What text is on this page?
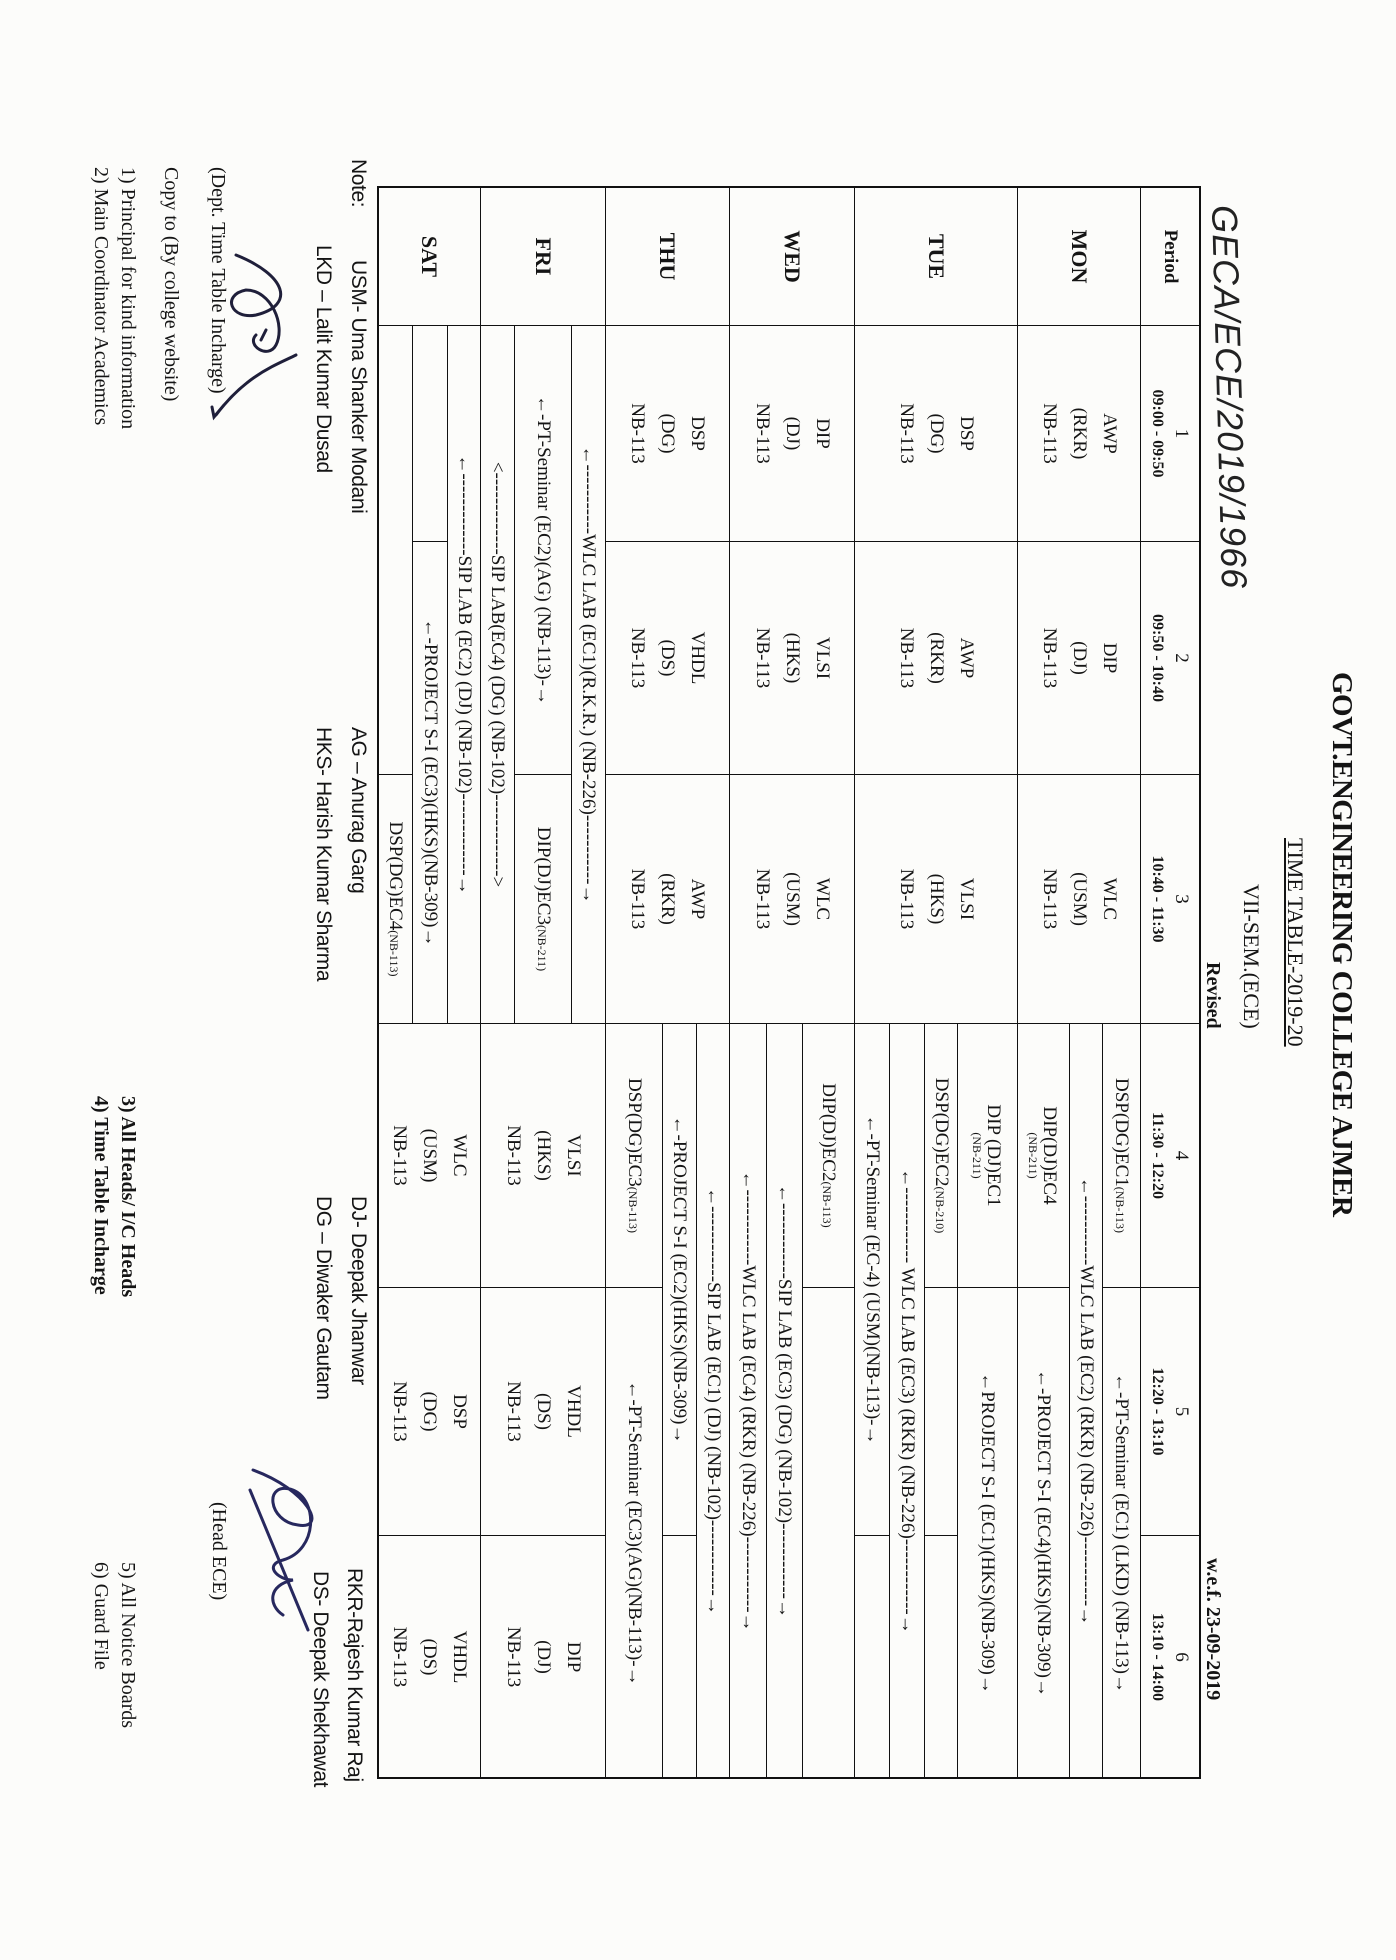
GOVT.ENGINEERING COLLEGE AJMER
TIME TABLE-2019-20
VII-SEM.(ECE)
Revised
w.e.f. 23-09-2019
GECA/ECE/2019/1966
Period
1
09:00 - 09:50
2
09:50 - 10:40
3
10:40 - 11:30
4
11:30 - 12:20
5
12:20 - 13:10
6
13:10 - 14:00
MON
AWP
(RKR)
NB-113
DIP
(DJ)
NB-113
WLC
(USM)
NB-113
DSP(DG)EC1(NB-113)
←-PT-Seminar (EC1) (LKD) (NB-113)→
←-----------WLC LAB (EC2) (RKR) (NB-226)-----------→
DIP(DJ)EC4
(NB-211)
←-PROJECT S-I (EC4)(HKS)(NB-309)→
TUE
DSP
(DG)
NB-113
AWP
(RKR)
NB-113
VLSI
(HKS)
NB-113
DIP (DJ)EC1
(NB-211)
←PROJECT S-I (EC1)(HKS)(NB-309)→
DSP(DG)EC2(NB-210)
←------------ WLC LAB (EC3) (RKR) (NB-226)------------→
←-PT-Seminar (EC-4) (USM)(NB-113)-→
WED
DIP
(DJ)
NB-113
VLSI
(HKS)
NB-113
WLC
(USM)
NB-113
DIP(DJ)EC2(NB-113)
←------------SIP LAB (EC3) (DG) (NB-102)------------→
←------------WLC LAB (EC4) (RKR) (NB-226)------------→
THU
DSP
(DG)
NB-113
VHDL
(DS)
NB-113
AWP
(RKR)
NB-113
←------------SIP LAB (EC1) (DJ) (NB-102)------------→
←-PROJECT S-I (EC2)(HKS)(NB-309)→
DSP(DG)EC3(NB-113)
←-PT-Seminar (EC3)(AG)(NB-113)-→
FRI
←-----------WLC LAB (EC1)(R.K.R.) (NB-226)-----------→
←-PT-Seminar (EC2)(AG) (NB-113)-→
DIP(DJ)EC3(NB-211)
<-------------SIP LAB(EC4) (DG) (NB-102)------------->
VLSI
(HKS)
NB-113
VHDL
(DS)
NB-113
DIP
(DJ)
NB-113
SAT
←-------------SIP LAB (EC2) (DJ) (NB-102)-------------→
←-PROJECT S-I (EC3)(HKS)(NB-309)→
DSP(DG)EC4(NB-113)
WLC
(USM)
NB-113
DSP
(DG)
NB-113
VHDL
(DS)
NB-113
Note:
USM- Uma Shanker Modani
LKD – Lalit Kumar Dusad
AG – Anurag Garg
HKS- Harish Kumar Sharma
DJ- Deepak Jhanwar
DG – Diwaker Gautam
RKR-Rajesh Kumar Raj
DS- Deepak Shekhawat
(Dept. Time Table Incharge)
(Head ECE)
Copy to (By college website)
1) Principal for kind information
2) Main Coordinator Academics
3) All Heads/ I/C Heads
4) Time Table Incharge
5) All Notice Boards
6) Guard File
